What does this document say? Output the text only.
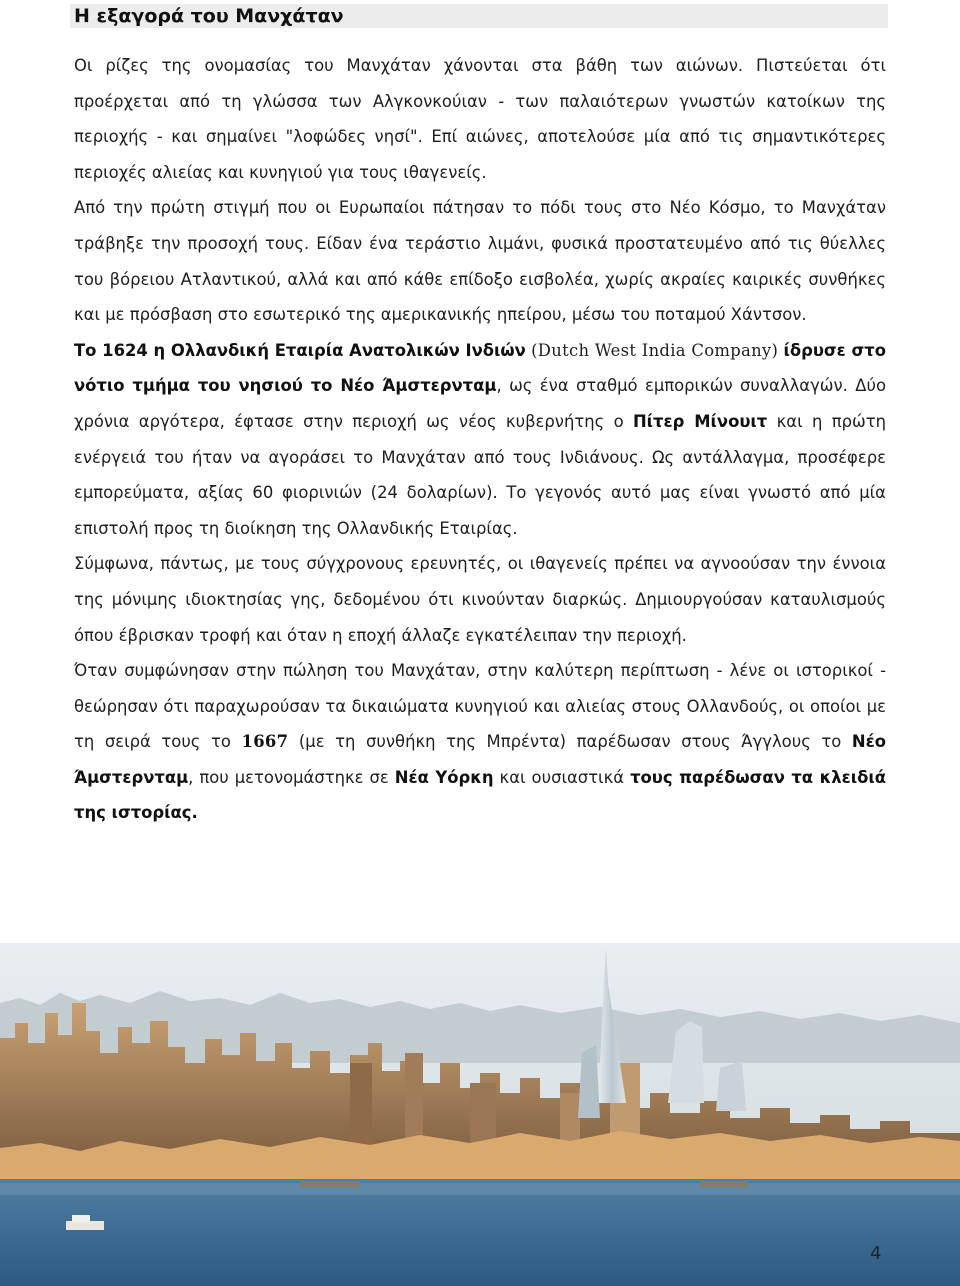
Η εξαγορά του Μανχάταν

Οι ρίζες της ονομασίας του Μανχάταν χάνονται στα βάθη των αιώνων. Πιστεύεται ότι προέρχεται από τη γλώσσα των Αλγκονκούιαν - των παλαιότερων γνωστών κατοίκων της περιοχής - και σημαίνει "λοφώδες νησί". Επί αιώνες, αποτελούσε μία από τις σημαντικότερες περιοχές αλιείας και κυνηγιού για τους ιθαγενείς.

Από την πρώτη στιγμή που οι Ευρωπαίοι πάτησαν το πόδι τους στο Νέο Κόσμο, το Μανχάταν τράβηξε την προσοχή τους. Είδαν ένα τεράστιο λιμάνι, φυσικά προστατευμένο από τις θύελλες του βόρειου Ατλαντικού, αλλά και από κάθε επίδοξο εισβολέα, χωρίς ακραίες καιρικές συνθήκες και με πρόσβαση στο εσωτερικό της αμερικανικής ηπείρου, μέσω του ποταμού Χάντσον.

Το 1624 η Ολλανδική Εταιρία Ανατολικών Ινδιών (Dutch West India Company) ίδρυσε στο νότιο τμήμα του νησιού το Νέο Άμστερνταμ, ως ένα σταθμό εμπορικών συναλλαγών. Δύο χρόνια αργότερα, έφτασε στην περιοχή ως νέος κυβερνήτης ο Πίτερ Μίνουιτ και η πρώτη ενέργειά του ήταν να αγοράσει το Μανχάταν από τους Ινδιάνους. Ως αντάλλαγμα, προσέφερε εμπορεύματα, αξίας 60 φιορινιών (24 δολαρίων). Το γεγονός αυτό μας είναι γνωστό από μία επιστολή προς τη διοίκηση της Ολλανδικής Εταιρίας.

Σύμφωνα, πάντως, με τους σύγχρονους ερευνητές, οι ιθαγενείς πρέπει να αγνοούσαν την έννοια της μόνιμης ιδιοκτησίας γης, δεδομένου ότι κινούνταν διαρκώς. Δημιουργούσαν καταυλισμούς όπου έβρισκαν τροφή και όταν η εποχή άλλαζε εγκατέλειπαν την περιοχή.

Όταν συμφώνησαν στην πώληση του Μανχάταν, στην καλύτερη περίπτωση - λένε οι ιστορικοί - θεώρησαν ότι παραχωρούσαν τα δικαιώματα κυνηγιού και αλιείας στους Ολλανδούς, οι οποίοι με τη σειρά τους το 1667 (με τη συνθήκη της Μπρέντα) παρέδωσαν στους Άγγλους το Νέο Άμστερνταμ, που μετονομάστηκε σε Νέα Υόρκη και ουσιαστικά τους παρέδωσαν τα κλειδιά της ιστορίας.

4
